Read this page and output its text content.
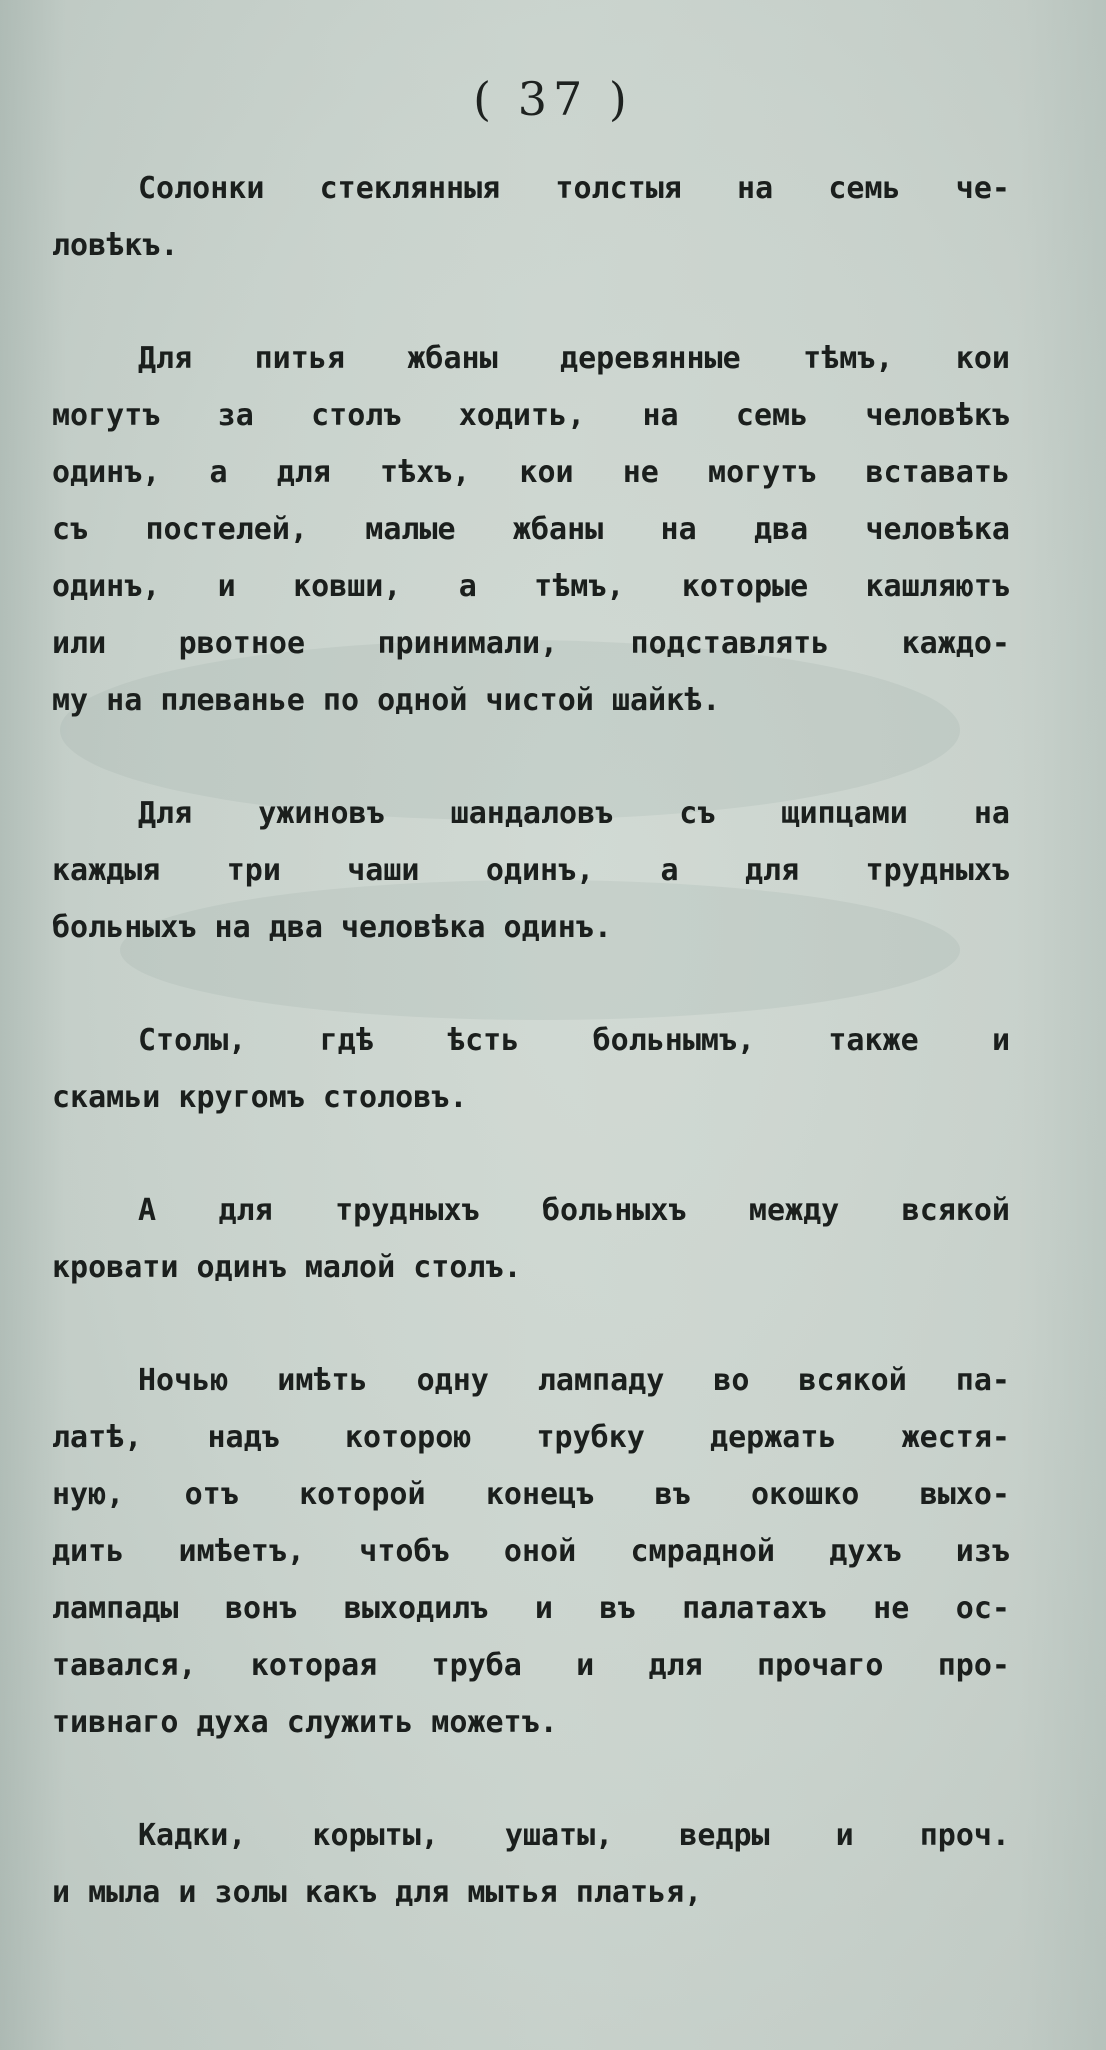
( 37 )

Солонки стеклянныя толстыя на семь че-
ловѣкъ.

Для питья жбаны деревянные тѣмъ, кои
могутъ за столъ ходить, на семь человѣкъ
одинъ, а для тѣхъ, кои не могутъ вставать
съ постелей, малые жбаны на два человѣка
одинъ, и ковши, а тѣмъ, которые кашляютъ
или рвотное принимали, подставлять каждо-
му на плеванье по одной чистой шайкѣ.

Для ужиновъ шандаловъ съ щипцами на
каждыя три чаши одинъ, а для трудныхъ
больныхъ на два человѣка одинъ.

Столы, гдѣ ѣсть больнымъ, также и
скамьи кругомъ столовъ.

А для трудныхъ больныхъ между всякой
кровати одинъ малой столъ.

Ночью имѣть одну лампаду во всякой па-
латѣ, надъ которою трубку держать жестя-
ную, отъ которой конецъ въ окошко выхо-
дить имѣетъ, чтобъ оной смрадной духъ изъ
лампады вонъ выходилъ и въ палатахъ не ос-
тавался, которая труба и для прочаго про-
тивнаго духа служить можетъ.

Кадки, корыты, ушаты, ведры и проч.
и мыла и золы какъ для мытья платья,
